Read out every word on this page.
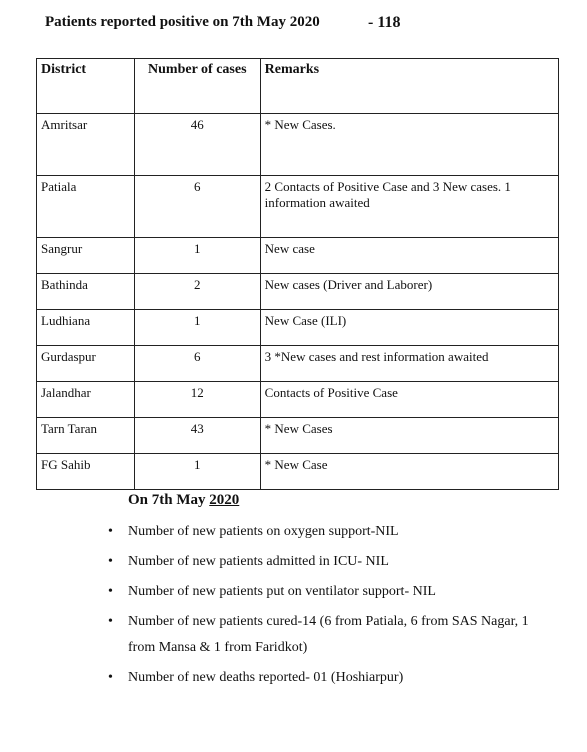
Patients reported positive on 7th May 2020	- 118
District	Number of cases	Remarks
Amritsar	46	* New Cases.
Patiala	6	2 Contacts of Positive Case and 3 New cases. 1 information awaited
Sangrur	1	New case
Bathinda	2	New cases (Driver and Laborer)
Ludhiana	1	New Case (ILI)
Gurdaspur	6	3 *New cases and rest information awaited
Jalandhar	12	Contacts of Positive Case
Tarn Taran	43	* New Cases
FG Sahib	1	* New Case
On 7th May 2020
• Number of new patients on oxygen support-NIL
• Number of new patients admitted in ICU- NIL
• Number of new patients put on ventilator support- NIL
• Number of new patients cured-14 (6 from Patiala, 6 from SAS Nagar, 1 from Mansa & 1 from Faridkot)
• Number of new deaths reported- 01 (Hoshiarpur)
